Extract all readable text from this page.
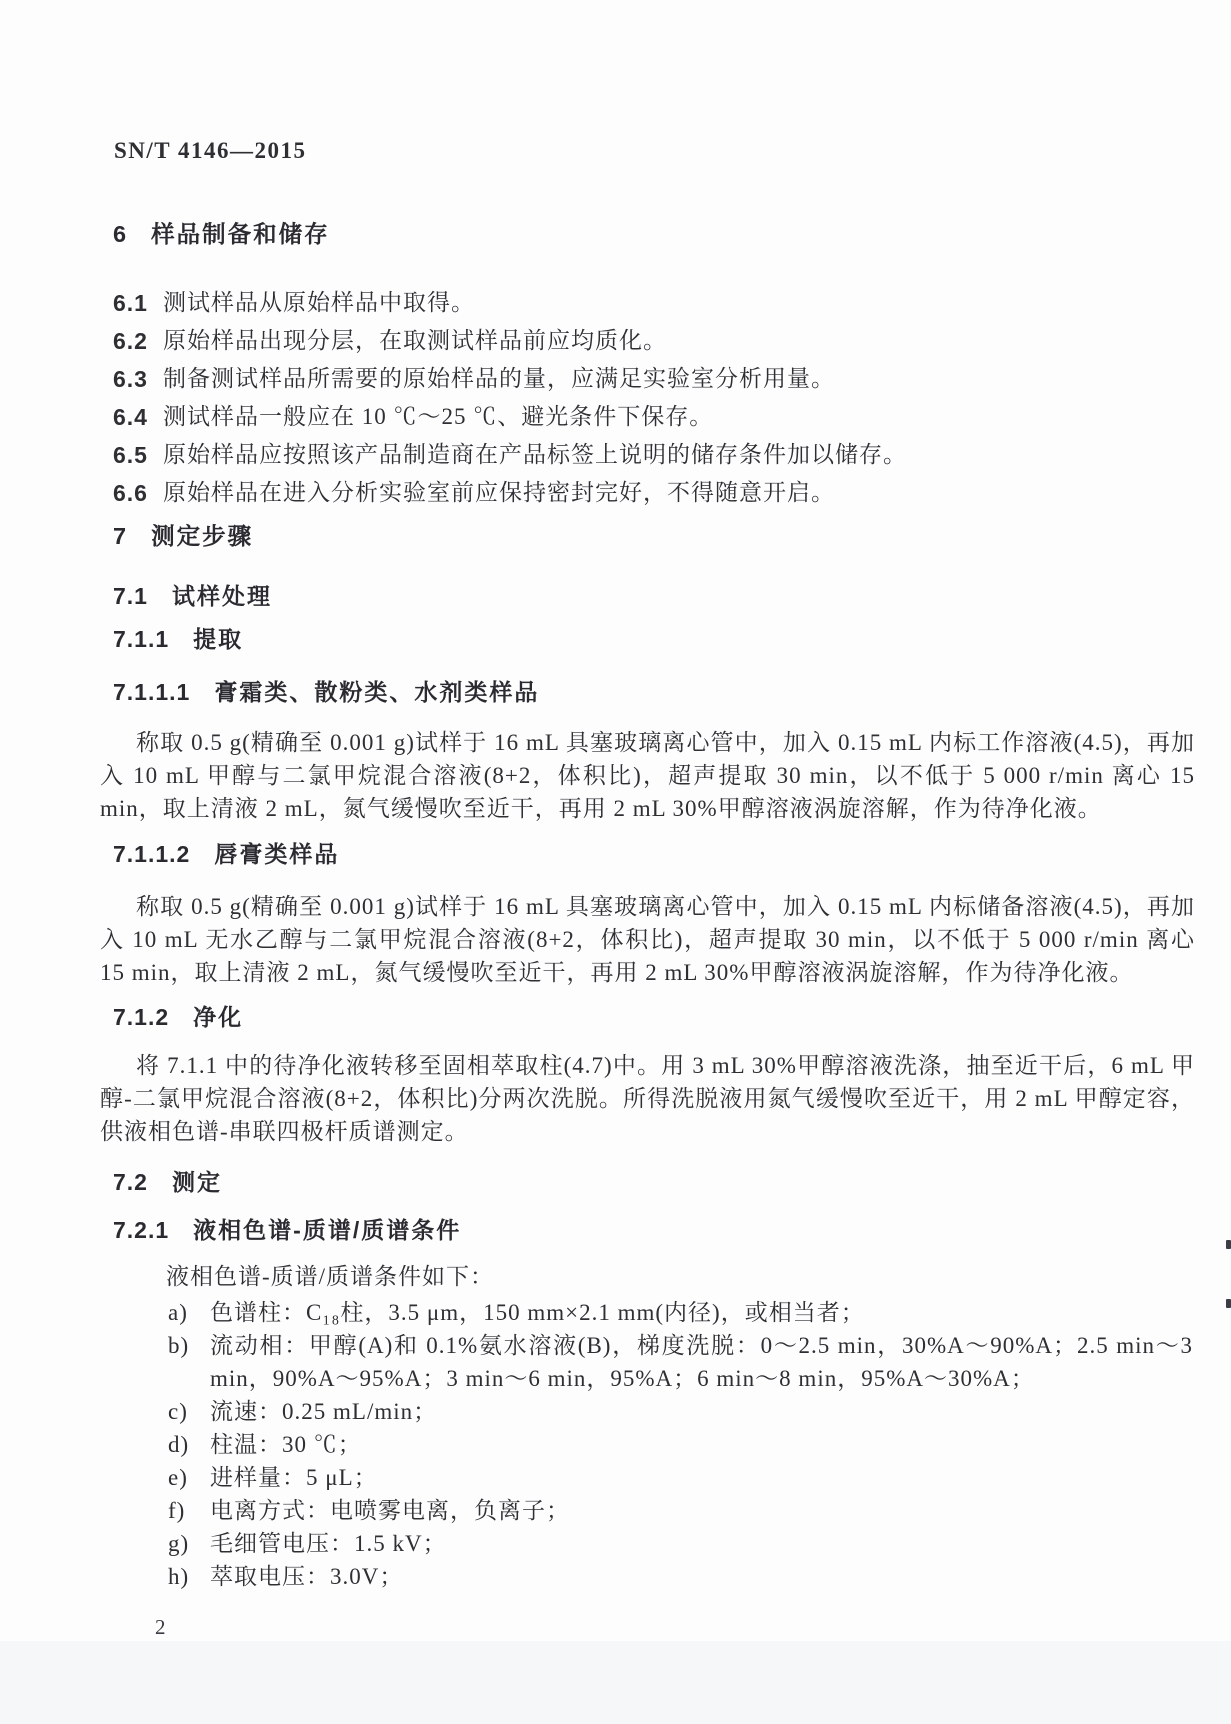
SN/T 4146—2015
6 样品制备和储存
6.1 测试样品从原始样品中取得。
6.2 原始样品出现分层，在取测试样品前应均质化。
6.3 制备测试样品所需要的原始样品的量，应满足实验室分析用量。
6.4 测试样品一般应在 10 ℃～25 ℃、避光条件下保存。
6.5 原始样品应按照该产品制造商在产品标签上说明的储存条件加以储存。
6.6 原始样品在进入分析实验室前应保持密封完好，不得随意开启。
7 测定步骤
7.1 试样处理
7.1.1 提取
7.1.1.1 膏霜类、散粉类、水剂类样品

称取 0.5 g(精确至 0.001 g)试样于 16 mL 具塞玻璃离心管中，加入 0.15 mL 内标工作溶液(4.5)，再加入 10 mL 甲醇与二氯甲烷混合溶液(8+2，体积比)，超声提取 30 min，以不低于 5 000 r/min 离心 15 min，取上清液 2 mL，氮气缓慢吹至近干，再用 2 mL 30%甲醇溶液涡旋溶解，作为待净化液。

7.1.1.2 唇膏类样品

称取 0.5 g(精确至 0.001 g)试样于 16 mL 具塞玻璃离心管中，加入 0.15 mL 内标储备溶液(4.5)，再加入 10 mL 无水乙醇与二氯甲烷混合溶液(8+2，体积比)，超声提取 30 min，以不低于 5 000 r/min 离心 15 min，取上清液 2 mL，氮气缓慢吹至近干，再用 2 mL 30%甲醇溶液涡旋溶解，作为待净化液。

7.1.2 净化

将 7.1.1 中的待净化液转移至固相萃取柱(4.7)中。用 3 mL 30%甲醇溶液洗涤，抽至近干后，6 mL 甲醇-二氯甲烷混合溶液(8+2，体积比)分两次洗脱。所得洗脱液用氮气缓慢吹至近干，用 2 mL 甲醇定容，供液相色谱-串联四极杆质谱测定。

7.2 测定
7.2.1 液相色谱-质谱/质谱条件
液相色谱-质谱/质谱条件如下：
a) 色谱柱：C₁₈柱，3.5 μm，150 mm×2.1 mm(内径)，或相当者；
b) 流动相：甲醇(A)和 0.1%氨水溶液(B)，梯度洗脱：0～2.5 min，30%A～90%A；2.5 min～3 min，90%A～95%A；3 min～6 min，95%A；6 min～8 min，95%A～30%A；
c) 流速：0.25 mL/min；
d) 柱温：30 ℃；
e) 进样量：5 μL；
f)	电离方式：电喷雾电离，负离子；
g) 毛细管电压：1.5 kV；
h) 萃取电压：3.0V；
2
